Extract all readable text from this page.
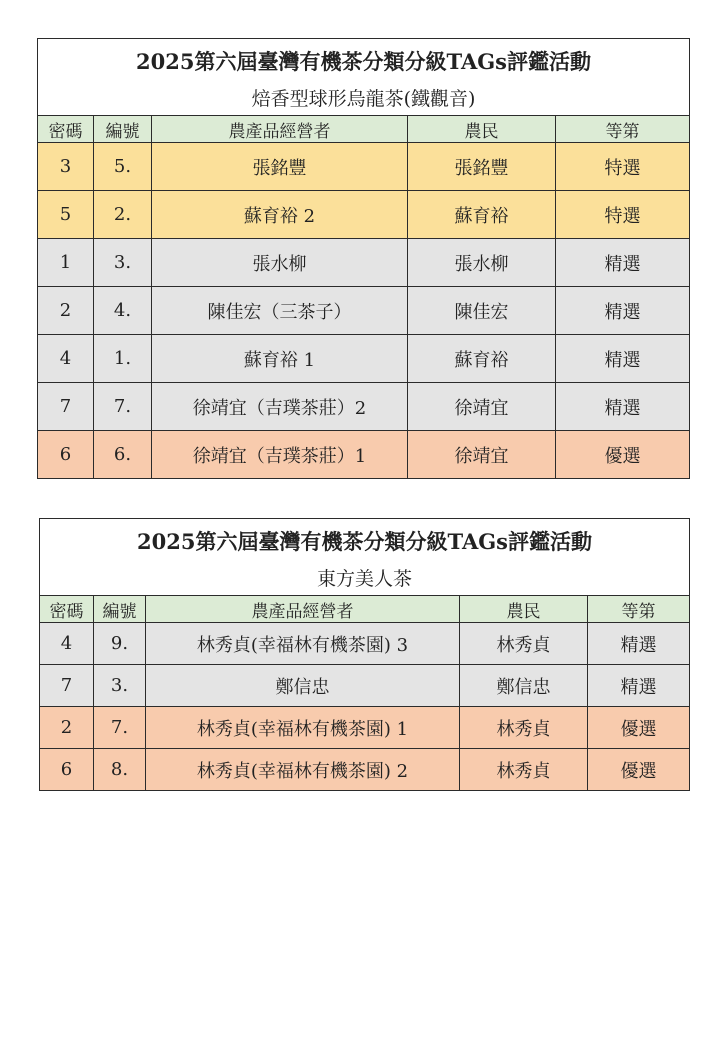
2025第六屆臺灣有機茶分類分級TAGs評鑑活動				
焙香型球形烏龍茶(鐵觀音)				
密碼	編號	農產品經營者	農民	等第
3	5.	張銘豐	張銘豐	特選
5	2.	蘇育裕 2	蘇育裕	特選
1	3.	張水柳	張水柳	精選
2	4.	陳佳宏（三茶子）	陳佳宏	精選
4	1.	蘇育裕 1	蘇育裕	精選
7	7.	徐靖宜（吉璞茶莊）2	徐靖宜	精選
6	6.	徐靖宜（吉璞茶莊）1	徐靖宜	優選
2025第六屆臺灣有機茶分類分級TAGs評鑑活動				
東方美人茶				
密碼	編號	農產品經營者	農民	等第
4	9.	林秀貞(幸福林有機茶園) 3	林秀貞	精選
7	3.	鄭信忠	鄭信忠	精選
2	7.	林秀貞(幸福林有機茶園) 1	林秀貞	優選
6	8.	林秀貞(幸福林有機茶園) 2	林秀貞	優選
